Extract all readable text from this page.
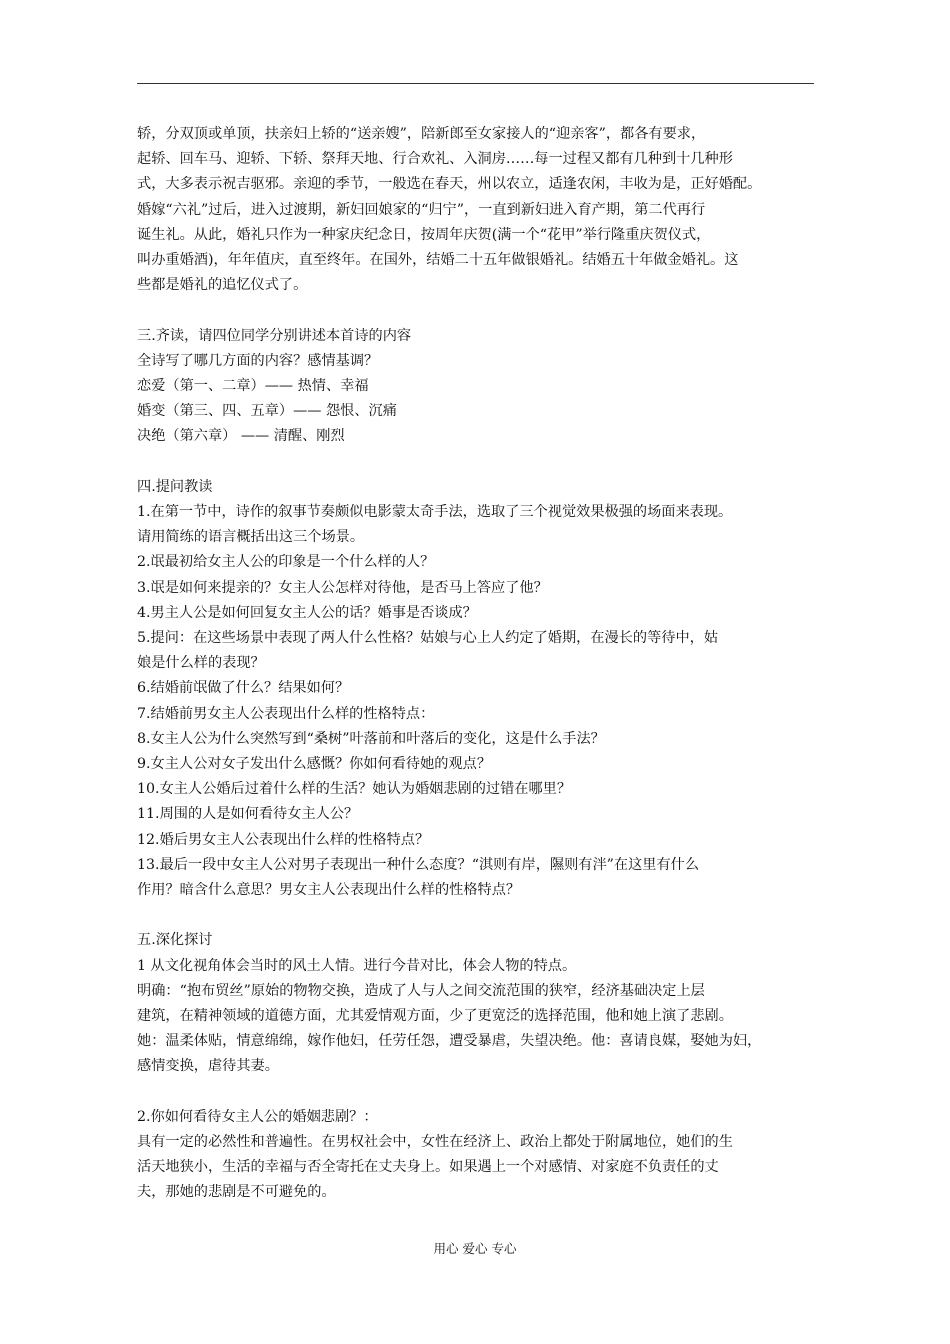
轿，分双顶或单顶，扶亲妇上轿的“送亲嫂”，陪新郎至女家接人的“迎亲客”，都各有要求，

起轿、回车马、迎轿、下轿、祭拜天地、行合欢礼、入洞房……每一过程又都有几种到十几种形

式，大多表示祝吉驱邪。亲迎的季节，一般选在春天，州以农立，适逢农闲，丰收为是，正好婚配。

婚嫁“六礼”过后，进入过渡期，新妇回娘家的“归宁”，一直到新妇进入育产期，第二代再行

诞生礼。从此，婚礼只作为一种家庆纪念日，按周年庆贺(满一个“花甲”举行隆重庆贺仪式，

叫办重婚酒)，年年值庆，直至终年。在国外，结婚二十五年做银婚礼。结婚五十年做金婚礼。这

些都是婚礼的追忆仪式了。

三.齐读，请四位同学分别讲述本首诗的内容

全诗写了哪几方面的内容？感情基调？

恋爱（第一、二章）—— 热情、幸福

婚变（第三、四、五章）—— 怨恨、沉痛

决绝（第六章） —— 清醒、刚烈

四.提问教读

1.在第一节中，诗作的叙事节奏颇似电影蒙太奇手法，选取了三个视觉效果极强的场面来表现。

请用简练的语言概括出这三个场景。

2.氓最初给女主人公的印象是一个什么样的人？

3.氓是如何来提亲的？女主人公怎样对待他，是否马上答应了他？

4.男主人公是如何回复女主人公的话？婚事是否谈成？

5.提问：在这些场景中表现了两人什么性格？姑娘与心上人约定了婚期，在漫长的等待中，姑

娘是什么样的表现？

6.结婚前氓做了什么？结果如何？

7.结婚前男女主人公表现出什么样的性格特点：

8.女主人公为什么突然写到“桑树”叶落前和叶落后的变化，这是什么手法？

9.女主人公对女子发出什么感慨？你如何看待她的观点？

10.女主人公婚后过着什么样的生活？她认为婚姻悲剧的过错在哪里？

11.周围的人是如何看待女主人公？

12.婚后男女主人公表现出什么样的性格特点？

13.最后一段中女主人公对男子表现出一种什么态度？“淇则有岸，隰则有泮”在这里有什么

作用？暗含什么意思？男女主人公表现出什么样的性格特点？

五.深化探讨

1 从文化视角体会当时的风土人情。进行今昔对比，体会人物的特点。

明确：“抱布贸丝”原始的物物交换，造成了人与人之间交流范围的狭窄，经济基础决定上层

建筑，在精神领域的道德方面，尤其爱情观方面，少了更宽泛的选择范围，他和她上演了悲剧。

她：温柔体贴，情意绵绵，嫁作他妇，任劳任怨，遭受暴虐，失望决绝。他：喜请良媒，娶她为妇，

感情变换，虐待其妻。

2.你如何看待女主人公的婚姻悲剧？：

具有一定的必然性和普遍性。在男权社会中，女性在经济上、政治上都处于附属地位，她们的生

活天地狭小，生活的幸福与否全寄托在丈夫身上。如果遇上一个对感情、对家庭不负责任的丈

夫，那她的悲剧是不可避免的。

用心 爱心 专心
